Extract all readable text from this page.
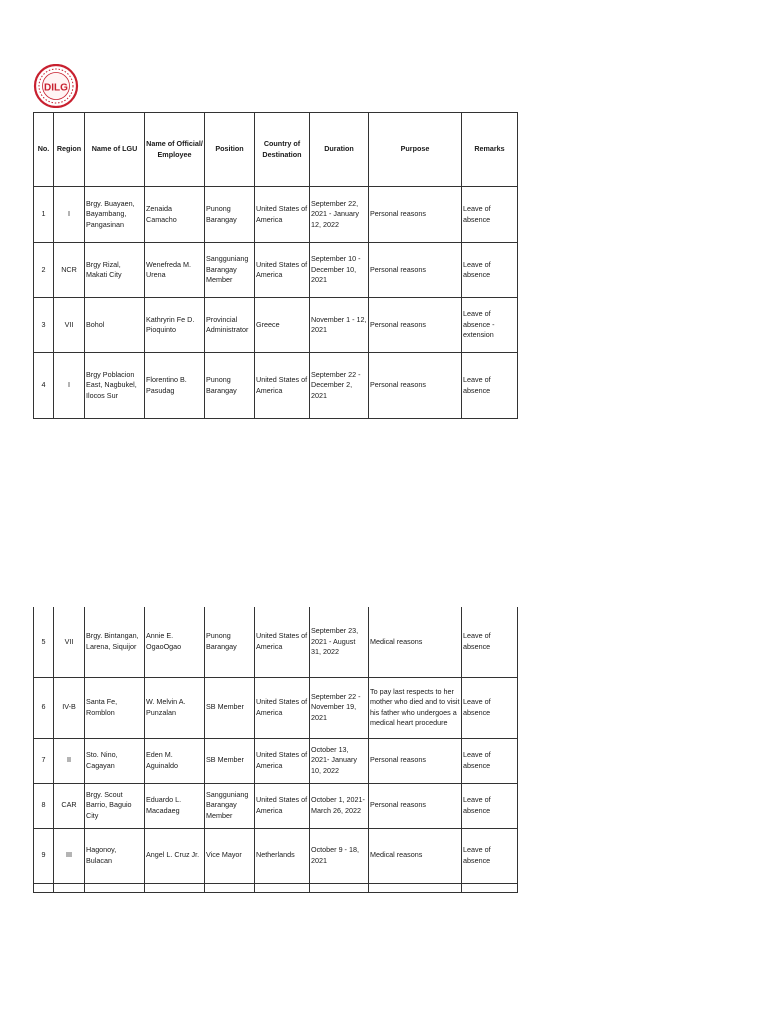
DILG
No.	Region	Name of LGU	Name of Official/ Employee	Position	Country of Destination	Duration	Purpose	Remarks
1	I	Brgy. Buayaen, Bayambang, Pangasinan	Zenaida Camacho	Punong Barangay	United States of America	September 22, 2021 - January 12, 2022	Personal reasons	Leave of absence
2	NCR	Brgy Rizal, Makati City	Wenefreda M. Urena	Sangguniang Barangay Member	United States of America	September 10 - December 10, 2021	Personal reasons	Leave of absence
3	VII	Bohol	Kathryrin Fe D. Pioquinto	Provincial Administrator	Greece	November 1 - 12, 2021	Personal reasons	Leave of absence - extension
4	I	Brgy Poblacion East, Nagbukel, Ilocos Sur	Florentino B. Pasudag	Punong Barangay	United States of America	September 22 - December 2, 2021	Personal reasons	Leave of absence
5	VII	Brgy. Bintangan, Larena, Siquijor	Annie E. OgaoOgao	Punong Barangay	United States of America	September 23, 2021 - August 31, 2022	Medical reasons	Leave of absence
6	IV-B	Santa Fe, Romblon	W. Melvin A. Punzalan	SB Member	United States of America	September 22 - November 19, 2021	To pay last respects to her mother who died and to visit his father who undergoes a medical heart procedure	Leave of absence
7	II	Sto. Nino, Cagayan	Eden M. Aguinaldo	SB Member	United States of America	October 13, 2021- January 10, 2022	Personal reasons	Leave of absence
8	CAR	Brgy. Scout Barrio, Baguio City	Eduardo L. Macadaeg	Sangguniang Barangay Member	United States of America	October 1, 2021- March 26, 2022	Personal reasons	Leave of absence
9	III	Hagonoy, Bulacan	Angel L. Cruz Jr.	Vice Mayor	Netherlands	October 9 - 18, 2021	Medical reasons	Leave of absence
